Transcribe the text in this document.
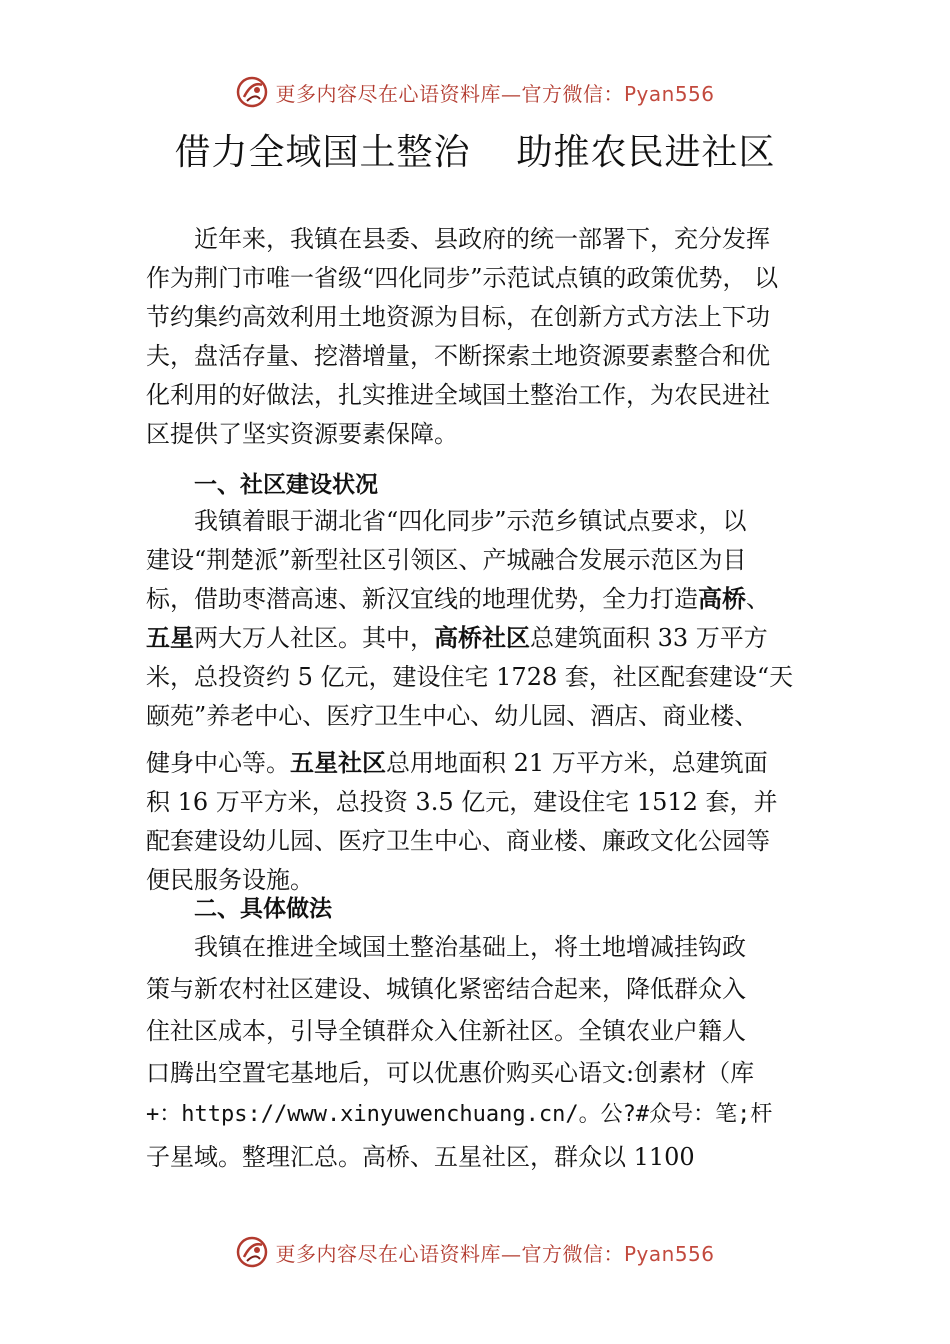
更多内容尽在心语资料库—官方微信：Pyan556
借力全域国土整治 助推农民进社区
近年来，我镇在县委、县政府的统一部署下，充分发挥
作为荆门市唯一省级“四化同步”示范试点镇的政策优势， 以
节约集约高效利用土地资源为目标，在创新方式方法上下功
夫，盘活存量、挖潜增量，不断探索土地资源要素整合和优
化利用的好做法，扎实推进全域国土整治工作，为农民进社
区提供了坚实资源要素保障。
一、社区建设状况
我镇着眼于湖北省“四化同步”示范乡镇试点要求，以
建设“荆楚派”新型社区引领区、产城融合发展示范区为目
标，借助枣潜高速、新汉宜线的地理优势，全力打造高桥、
五星两大万人社区。其中，高桥社区总建筑面积 33 万平方
米，总投资约 5 亿元，建设住宅 1728 套，社区配套建设“天
颐苑”养老中心、医疗卫生中心、幼儿园、酒店、商业楼、
健身中心等。五星社区总用地面积 21 万平方米，总建筑面
积 16 万平方米，总投资 3.5 亿元，建设住宅 1512 套，并
配套建设幼儿园、医疗卫生中心、商业楼、廉政文化公园等
便民服务设施。
二、具体做法
我镇在推进全域国土整治基础上，将土地增减挂钩政
策与新农村社区建设、城镇化紧密结合起来，降低群众入
住社区成本，引导全镇群众入住新社区。全镇农业户籍人
口腾出空置宅基地后，可以优惠价购买心语文:创素材（库
+：https://www.xinyuwenchuang.cn/。公?#众号：笔;杆
子星域。整理汇总。高桥、五星社区，群众以 1100
更多内容尽在心语资料库—官方微信：Pyan556
